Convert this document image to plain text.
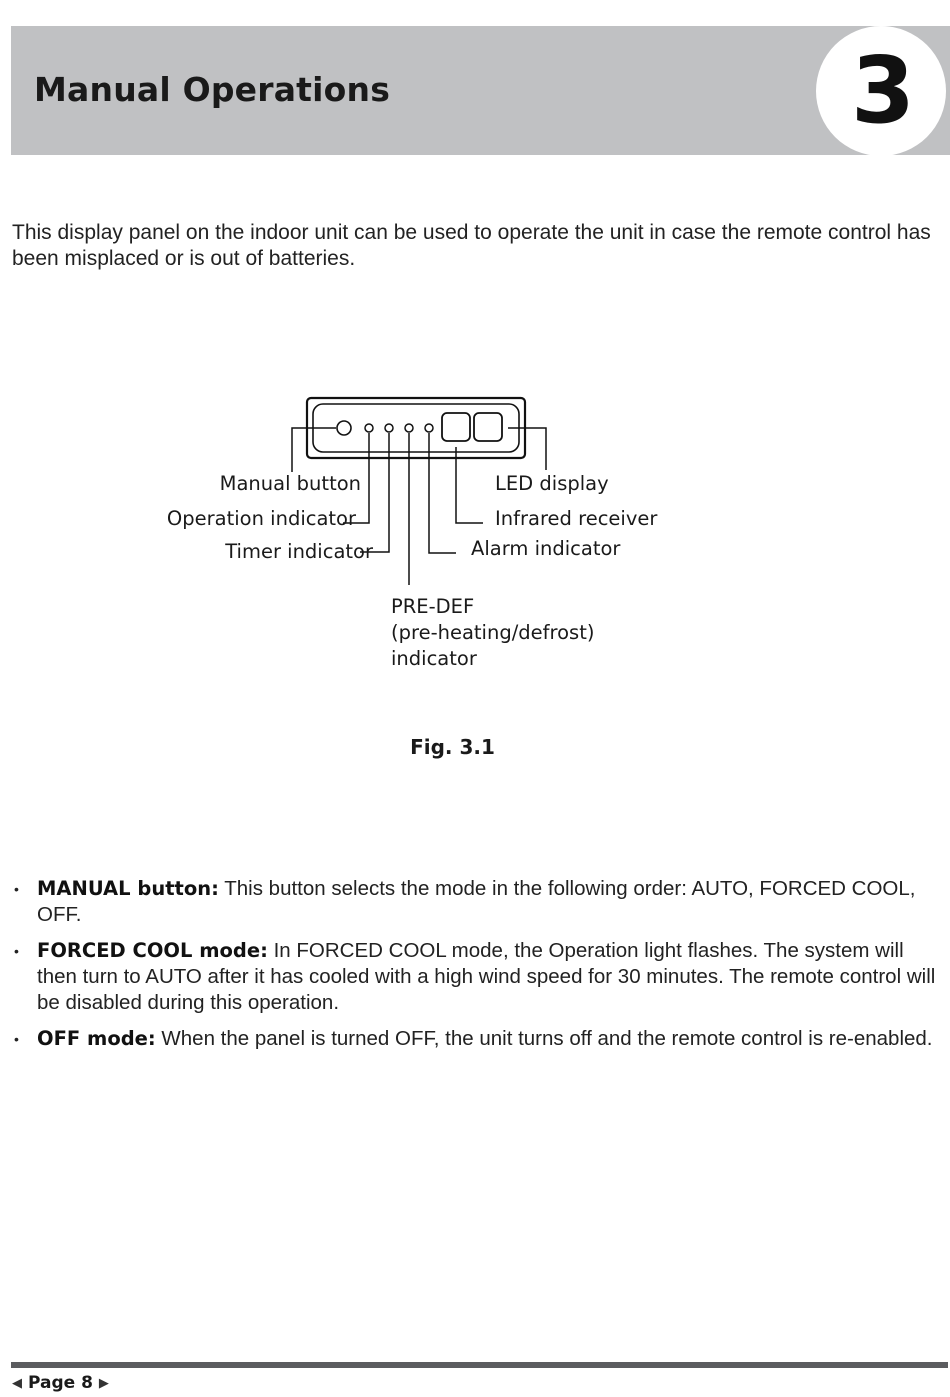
Manual Operations	3

This display panel on the indoor unit can be used to operate the unit in case the remote control has been misplaced or is out of batteries.

Manual button
Operation indicator
Timer indicator
LED display
Infrared receiver
Alarm indicator
PRE-DEF
(pre-heating/defrost)
indicator
Fig. 3.1
• MANUAL button: This button selects the mode in the following order: AUTO, FORCED COOL, OFF.
• FORCED COOL mode: In FORCED COOL mode, the Operation light flashes. The system will then turn to AUTO after it has cooled with a high wind speed for 30 minutes. The remote control will be disabled during this operation.
• OFF mode: When the panel is turned OFF, the unit turns off and the remote control is re-enabled.
◀ Page 8 ▶
